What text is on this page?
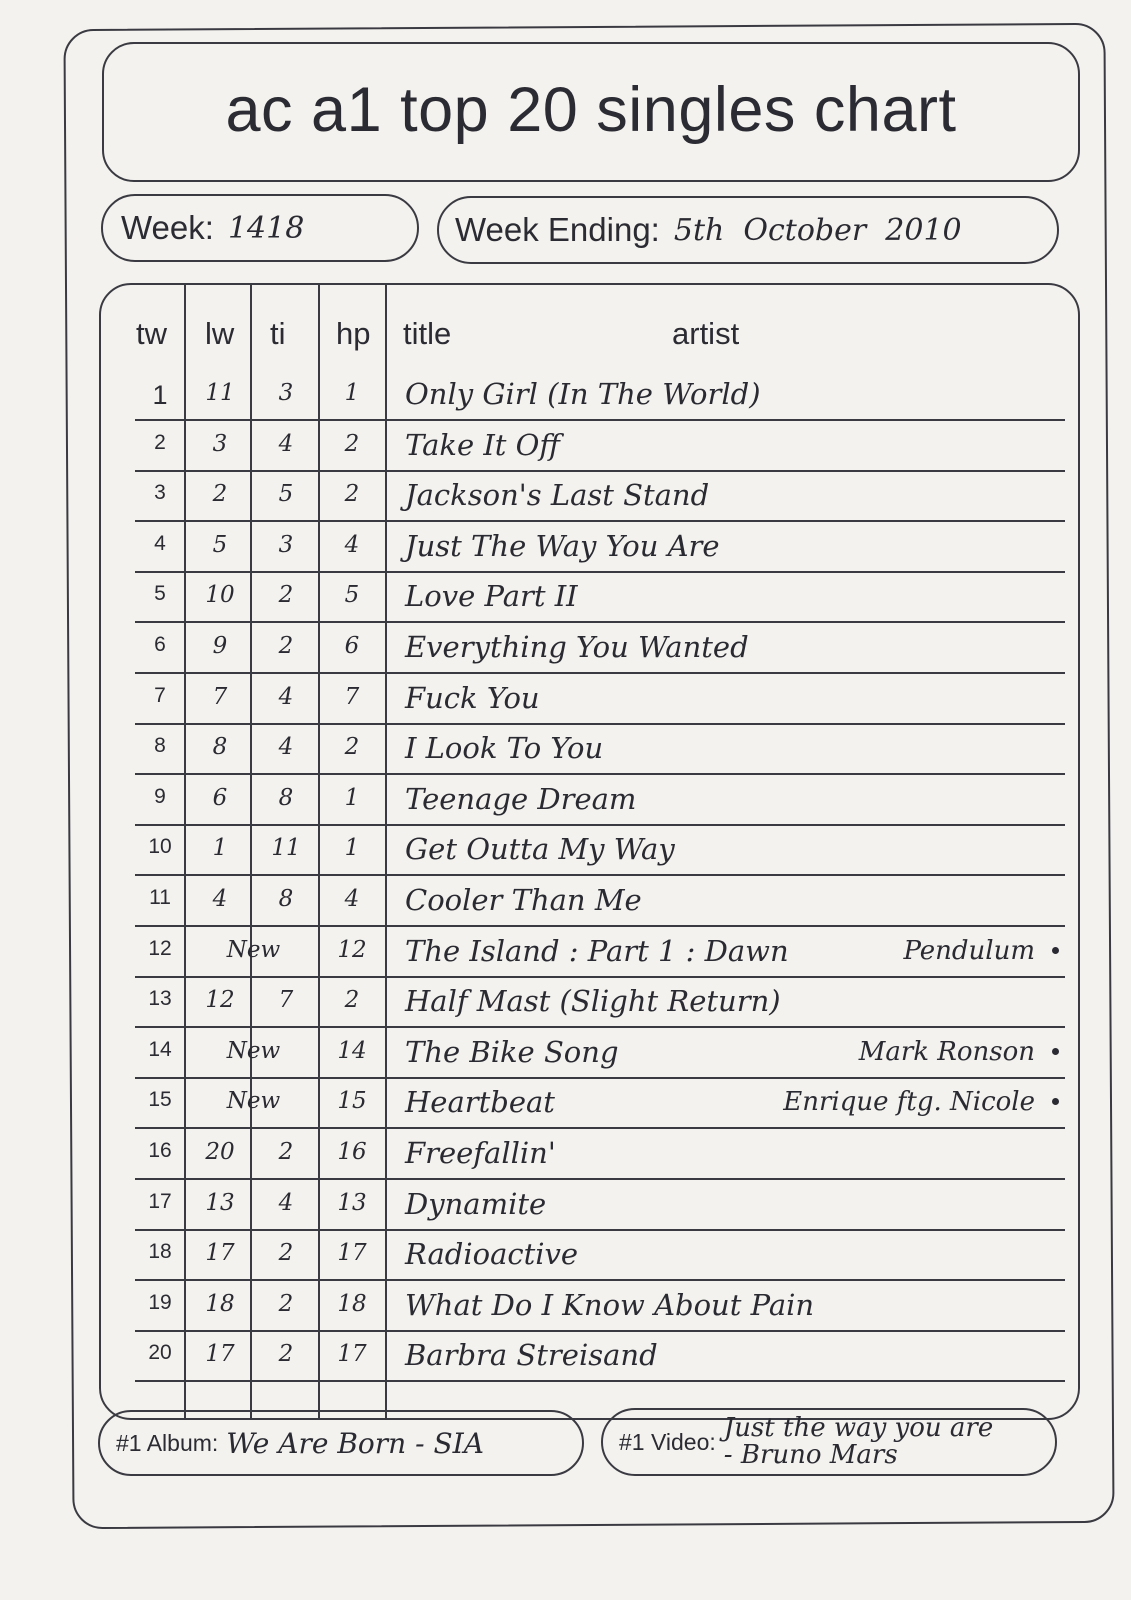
ac a1 top 20 singles chart
Week: 1418	Week Ending: 5th  October  2010
tw lw ti hp title	artist
1	11	3	1	Only Girl (In The World)
2	3	4	2	Take It Off
3	2	5	2	Jackson's Last Stand
4	5	3	4	Just The Way You Are
5	10	2	5	Love Part II
6	9	2	6	Everything You Wanted
7	7	4	7	Fuck You
8	8	4	2	I Look To You
9	6	8	1	Teenage Dream
10	1	11	1	Get Outta My Way
11	4	8	4	Cooler Than Me
12	New	12	The Island : Part 1 : Dawn	Pendulum
13	12	7	2	Half Mast (Slight Return)
14	New	14	The Bike Song	Mark Ronson
15	New	15	Heartbeat	Enrique ftg. Nicole
16	20	2	16	Freefallin'
17	13	4	13	Dynamite
18	17	2	17	Radioactive
19	18	2	18	What Do I Know About Pain
20	17	2	17	Barbra Streisand
#1 Album: We Are Born - SIA	#1 Video: Just the way you are
- Bruno Mars
